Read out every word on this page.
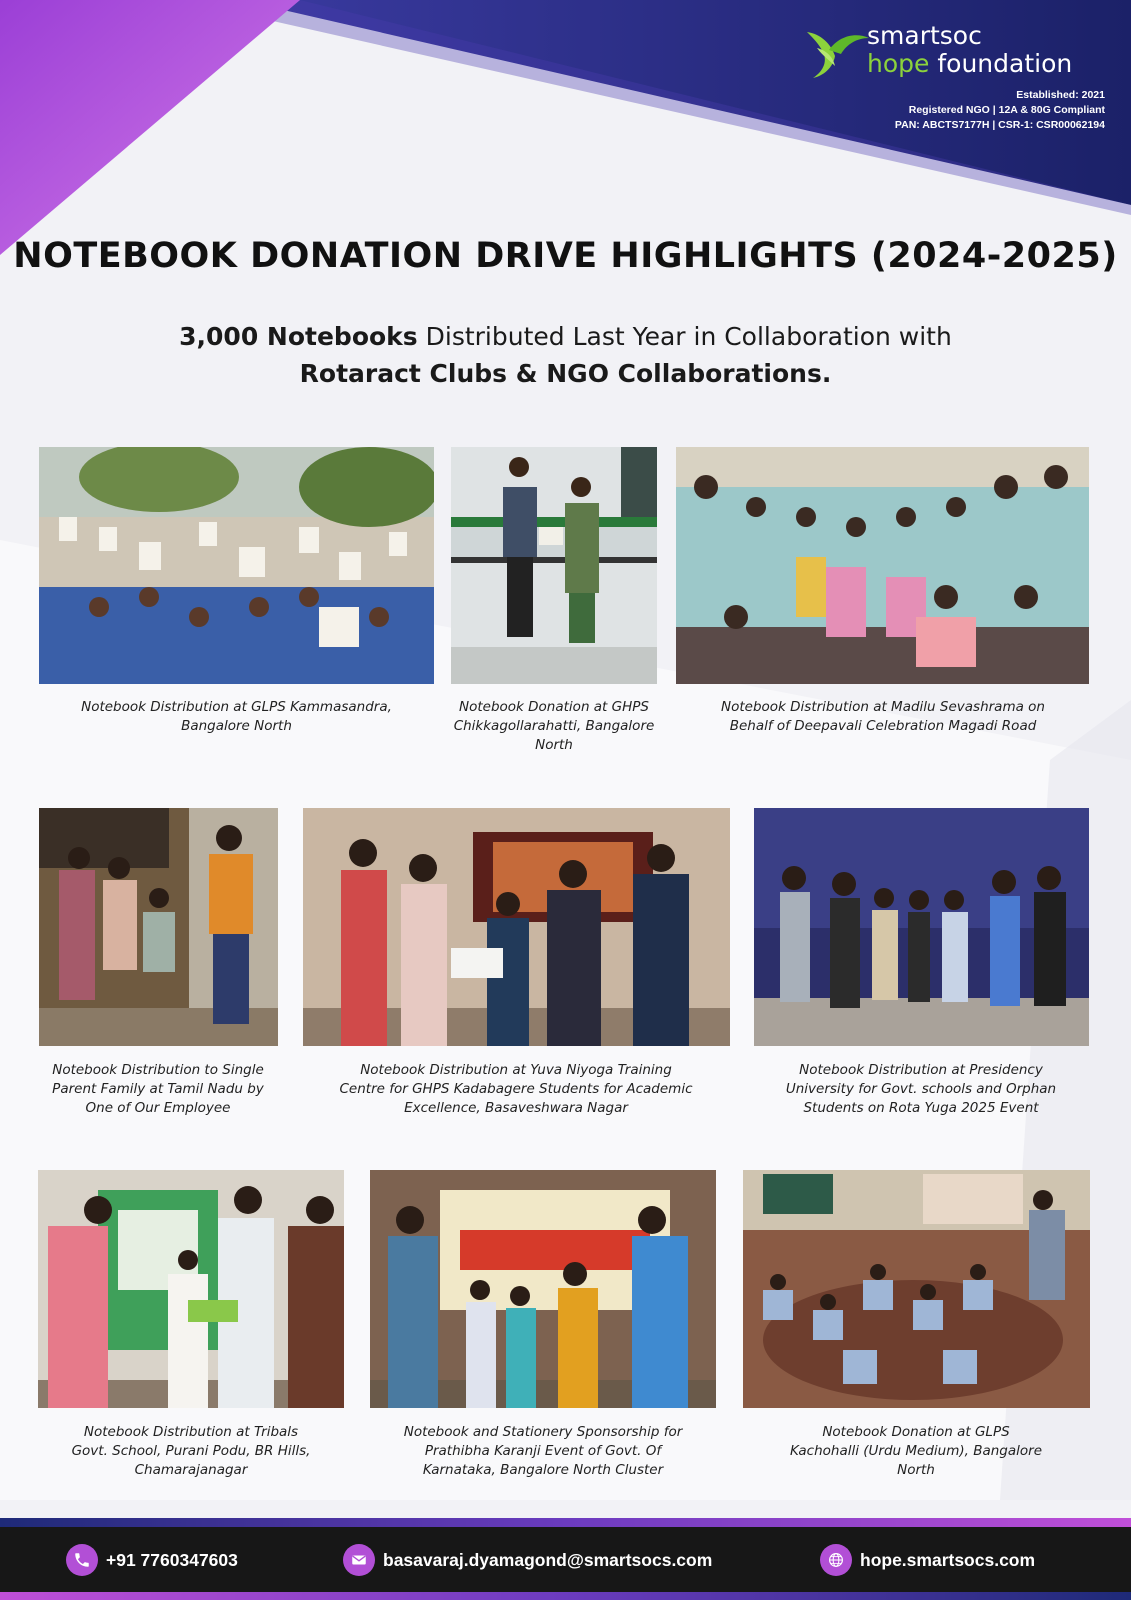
smartsoc
hope foundation
Established: 2021
Registered NGO | 12A & 80G Compliant
PAN: ABCTS7177H | CSR-1: CSR00062194
NOTEBOOK DONATION DRIVE HIGHLIGHTS (2024-2025)
3,000 Notebooks Distributed Last Year in Collaboration with
Rotaract Clubs & NGO Collaborations.
Notebook Distribution at GLPS Kammasandra, Bangalore North
Notebook Donation at GHPS Chikkagollarahatti, Bangalore North
Notebook Distribution at Madilu Sevashrama on Behalf of Deepavali Celebration Magadi Road
Notebook Distribution to Single Parent Family at Tamil Nadu by One of Our Employee
Notebook Distribution at Yuva Niyoga Training Centre for GHPS Kadabagere Students for Academic Excellence, Basaveshwara Nagar
Notebook Distribution at Presidency University for Govt. schools and Orphan Students on Rota Yuga 2025 Event
Notebook Distribution at Tribals Govt. School, Purani Podu, BR Hills, Chamarajanagar
Notebook and Stationery Sponsorship for Prathibha Karanji Event of Govt. Of Karnataka, Bangalore North Cluster
Notebook Donation at GLPS Kachohalli (Urdu Medium), Bangalore North
+91 7760347603	basavaraj.dyamagond@smartsocs.com	hope.smartsocs.com
